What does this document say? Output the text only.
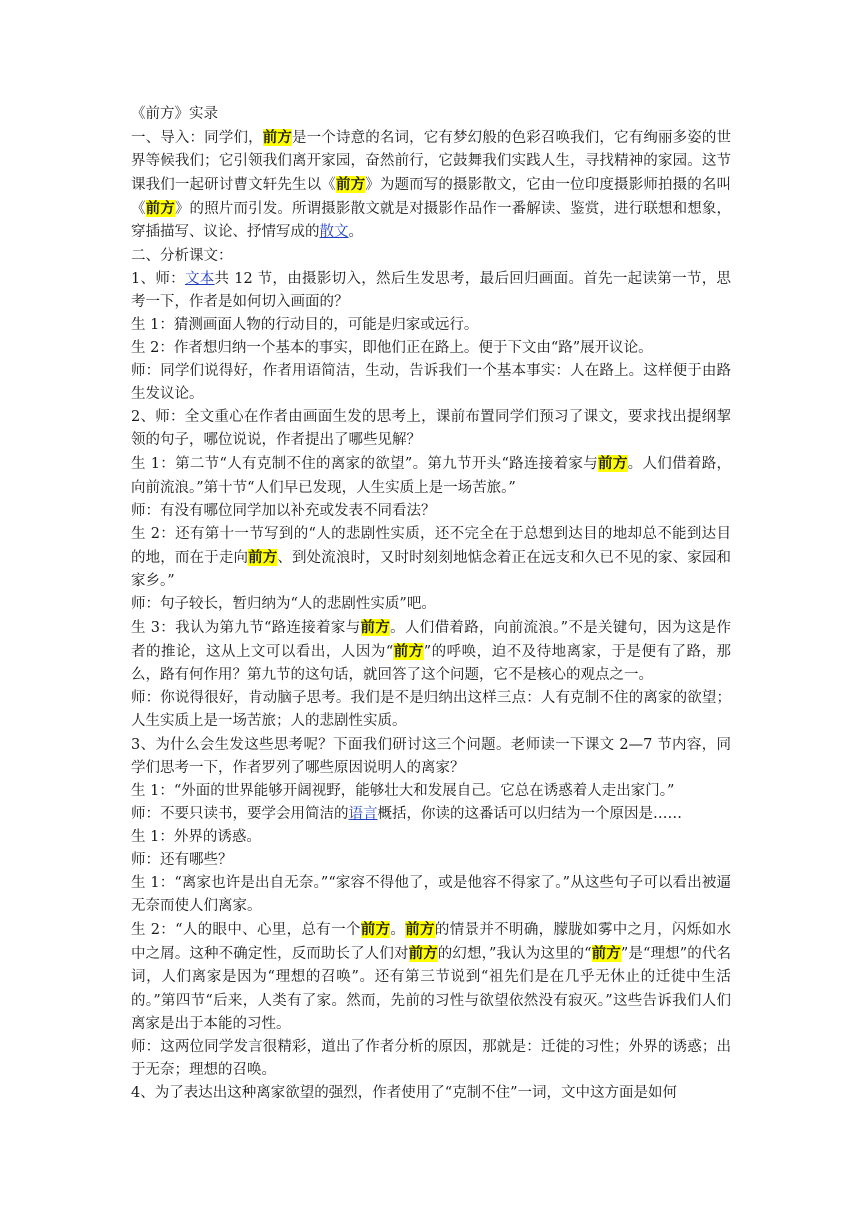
《前方》实录

一、导入：同学们，前方是一个诗意的名词，它有梦幻般的色彩召唤我们，它有绚丽多姿的世界等候我们；它引领我们离开家园，奋然前行，它鼓舞我们实践人生，寻找精神的家园。这节课我们一起研讨曹文轩先生以《前方》为题而写的摄影散文，它由一位印度摄影师拍摄的名叫《前方》的照片而引发。所谓摄影散文就是对摄影作品作一番解读、鉴赏，进行联想和想象，穿插描写、议论、抒情写成的散文。

二、分析课文：

1、师：文本共 12 节，由摄影切入，然后生发思考，最后回归画面。首先一起读第一节，思考一下，作者是如何切入画面的？

生 1：猜测画面人物的行动目的，可能是归家或远行。

生 2：作者想归纳一个基本的事实，即他们正在路上。便于下文由“路”展开议论。

师：同学们说得好，作者用语简洁，生动，告诉我们一个基本事实：人在路上。这样便于由路生发议论。

2、师：全文重心在作者由画面生发的思考上，课前布置同学们预习了课文，要求找出提纲挈领的句子，哪位说说，作者提出了哪些见解？

生 1：第二节“人有克制不住的离家的欲望”。第九节开头“路连接着家与前方。人们借着路，向前流浪。”第十节“人们早已发现，人生实质上是一场苦旅。”

师：有没有哪位同学加以补充或发表不同看法？

生 2：还有第十一节写到的“人的悲剧性实质，还不完全在于总想到达目的地却总不能到达目的地，而在于走向前方、到处流浪时，又时时刻刻地惦念着正在远支和久已不见的家、家园和家乡。”

师：句子较长，暂归纳为“人的悲剧性实质”吧。

生 3：我认为第九节“路连接着家与前方。人们借着路，向前流浪。”不是关键句，因为这是作者的推论，这从上文可以看出，人因为“前方”的呼唤，迫不及待地离家，于是便有了路，那么，路有何作用？第九节的这句话，就回答了这个问题，它不是核心的观点之一。

师：你说得很好，肯动脑子思考。我们是不是归纳出这样三点：人有克制不住的离家的欲望；人生实质上是一场苦旅；人的悲剧性实质。

3、为什么会生发这些思考呢？下面我们研讨这三个问题。老师读一下课文 2—7 节内容，同学们思考一下，作者罗列了哪些原因说明人的离家？

生 1：“外面的世界能够开阔视野，能够壮大和发展自己。它总在诱惑着人走出家门。”

师：不要只读书，要学会用简洁的语言概括，你读的这番话可以归结为一个原因是……

生 1：外界的诱惑。

师：还有哪些？

生 1：“离家也许是出自无奈。”“家容不得他了，或是他容不得家了。”从这些句子可以看出被逼无奈而使人们离家。

生 2：“人的眼中、心里，总有一个前方。前方的情景并不明确，朦胧如雾中之月，闪烁如水中之屑。这种不确定性，反而助长了人们对前方的幻想，”我认为这里的“前方”是“理想”的代名词，人们离家是因为“理想的召唤”。还有第三节说到“祖先们是在几乎无休止的迁徙中生活的。”第四节“后来，人类有了家。然而，先前的习性与欲望依然没有寂灭。”这些告诉我们人们离家是出于本能的习性。

师：这两位同学发言很精彩，道出了作者分析的原因，那就是：迁徙的习性；外界的诱惑；出于无奈；理想的召唤。

4、为了表达出这种离家欲望的强烈，作者使用了“克制不住”一词，文中这方面是如何
